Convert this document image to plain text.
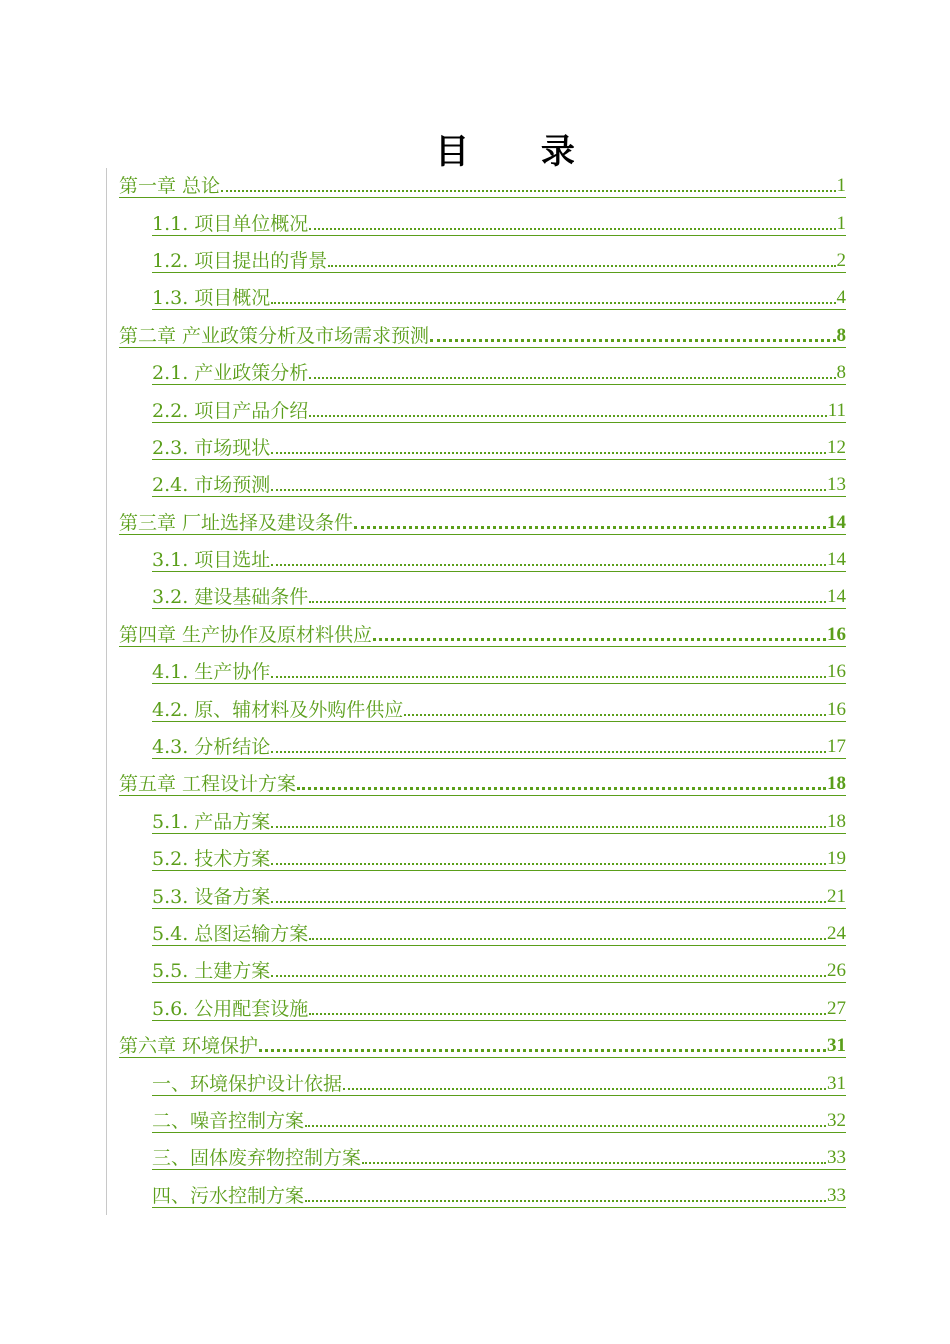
目 录
第一章 总论	1
1.1. 项目单位概况	1
1.2. 项目提出的背景	2
1.3. 项目概况	4
第二章 产业政策分析及市场需求预测	8
2.1. 产业政策分析	8
2.2. 项目产品介绍	11
2.3. 市场现状	12
2.4. 市场预测	13
第三章 厂址选择及建设条件	14
3.1. 项目选址	14
3.2. 建设基础条件	14
第四章 生产协作及原材料供应	16
4.1. 生产协作	16
4.2. 原、辅材料及外购件供应	16
4.3. 分析结论	17
第五章 工程设计方案	18
5.1. 产品方案	18
5.2. 技术方案	19
5.3. 设备方案	21
5.4. 总图运输方案	24
5.5. 土建方案	26
5.6. 公用配套设施	27
第六章 环境保护	31
一、环境保护设计依据	31
二、噪音控制方案	32
三、固体废弃物控制方案	33
四、污水控制方案	33
